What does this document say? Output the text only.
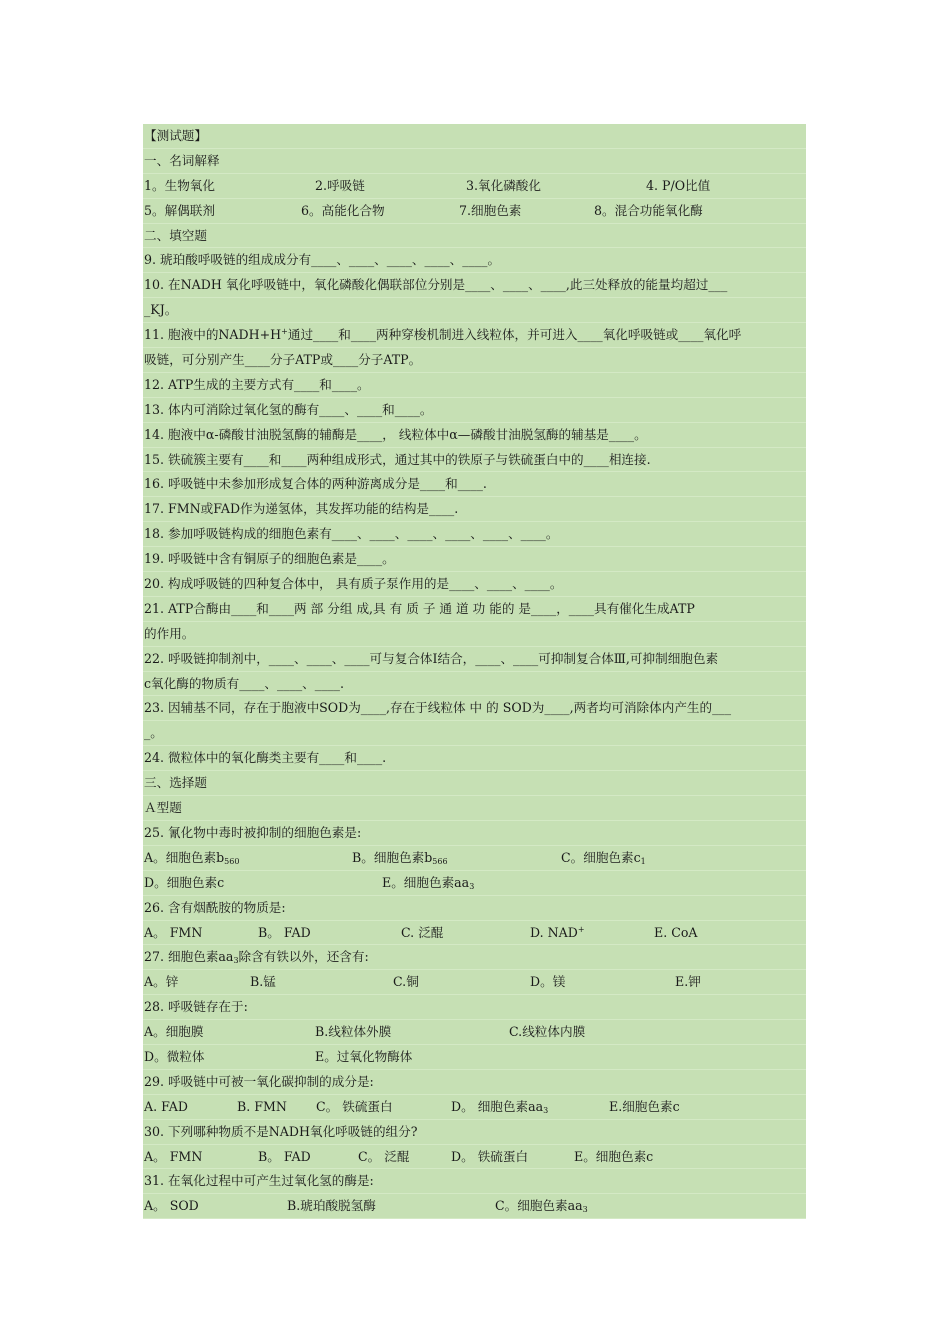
【测试题】
一、名词解释
1。生物氧化	2.呼吸链	3.氧化磷酸化	4. P/O比值
5。解偶联剂	6。高能化合物	7.细胞色素	8。混合功能氧化酶
二、填空题
9. 琥珀酸呼吸链的组成成分有____、____、____、____、____。
10. 在NADH 氧化呼吸链中，氧化磷酸化偶联部位分别是____、____、____,此三处释放的能量均超过___
_KJ。
11. 胞液中的NADH+H+通过____和____两种穿梭机制进入线粒体，并可进入____氧化呼吸链或____氧化呼
吸链，可分别产生____分子ATP或____分子ATP。
12. ATP生成的主要方式有____和____。
13. 体内可消除过氧化氢的酶有____、____和____。
14. 胞液中α-磷酸甘油脱氢酶的辅酶是____， 线粒体中α—磷酸甘油脱氢酶的辅基是____。
15. 铁硫簇主要有____和____两种组成形式，通过其中的铁原子与铁硫蛋白中的____相连接.
16. 呼吸链中未参加形成复合体的两种游离成分是____和____.
17. FMN或FAD作为递氢体，其发挥功能的结构是____.
18. 参加呼吸链构成的细胞色素有____、____、____、____、____、____。
19. 呼吸链中含有铜原子的细胞色素是____。
20. 构成呼吸链的四种复合体中， 具有质子泵作用的是____、____、____。
21. ATP合酶由____和____两 部 分组 成,具 有 质 子 通 道 功 能的 是____，____具有催化生成ATP
的作用。
22. 呼吸链抑制剂中，____、____、____可与复合体Ⅰ结合，____、____可抑制复合体Ⅲ,可抑制细胞色素
c氧化酶的物质有____、____、____.
23. 因辅基不同，存在于胞液中SOD为____,存在于线粒体 中 的 SOD为____,两者均可消除体内产生的___
_。
24. 微粒体中的氧化酶类主要有____和____.
三、选择题
Ａ型题
25. 氰化物中毒时被抑制的细胞色素是:
A。细胞色素$b_{560}$	B。细胞色素$b_{566}$	C。细胞色素$c_1$
D。细胞色素c	E。细胞色素$aa_3$
26. 含有烟酰胺的物质是:
A。 FMN	B。 FAD	C. 泛醌	D. NAD+	E. CoA
27. 细胞色素$aa_3$除含有铁以外，还含有:
A。锌	B.锰	C.铜	D。镁	E.钾
28. 呼吸链存在于:
A。细胞膜	B.线粒体外膜	C.线粒体内膜
D。微粒体	E。过氧化物酶体
29. 呼吸链中可被一氧化碳抑制的成分是:
A. FAD	B. FMN C。 铁硫蛋白	D。 细胞色素$aa_3$	E.细胞色素c
30. 下列哪种物质不是NADH氧化呼吸链的组分?
A。 FMN	B。 FAD	C。 泛醌	D。 铁硫蛋白	E。细胞色素c
31. 在氧化过程中可产生过氧化氢的酶是:
A。 SOD	B.琥珀酸脱氢酶	C。细胞色素$aa_3$
